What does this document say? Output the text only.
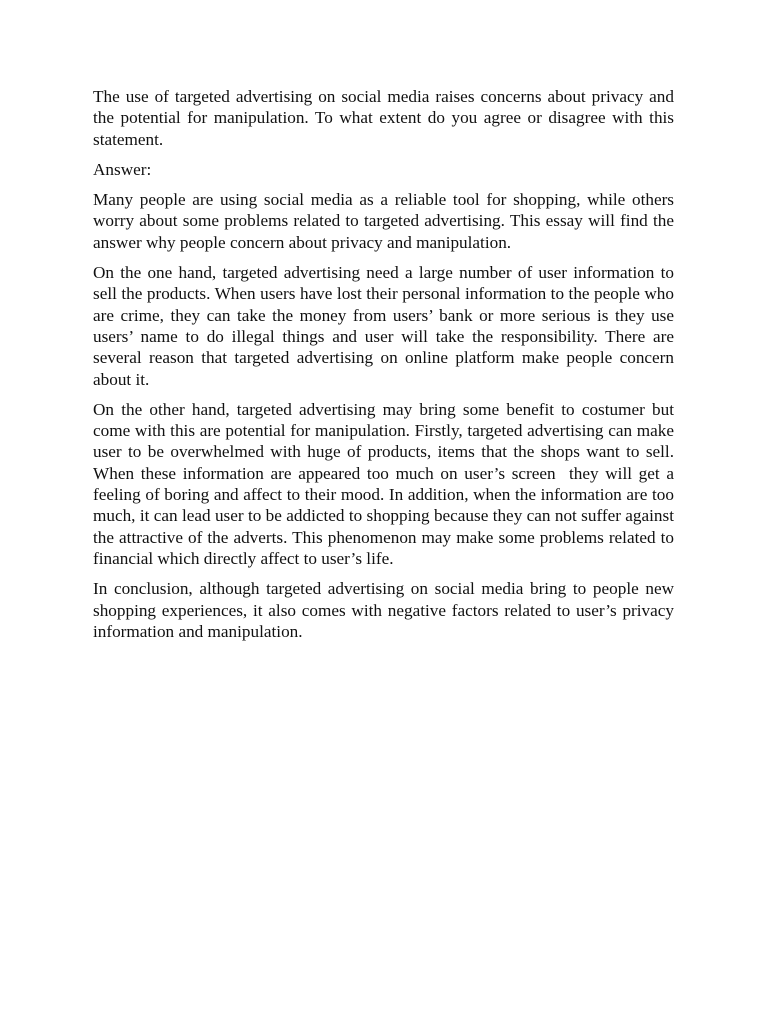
The use of targeted advertising on social media raises concerns about privacy and the potential for manipulation. To what extent do you agree or disagree with this statement.

Answer:

Many people are using social media as a reliable tool for shopping, while others worry about some problems related to targeted advertising. This essay will find the answer why people concern about privacy and manipulation.

On the one hand, targeted advertising need a large number of user information to sell the products. When users have lost their personal information to the people who are crime, they can take the money from users’ bank or more serious is they use users’ name to do illegal things and user will take the responsibility. There are several reason that targeted advertising on online platform make people concern about it.

On the other hand, targeted advertising may bring some benefit to costumer but come with this are potential for manipulation. Firstly, targeted advertising can make user to be overwhelmed with huge of products, items that the shops want to sell. When these information are appeared too much on user’s screen  they will get a feeling of boring and affect to their mood. In addition, when the information are too much, it can lead user to be addicted to shopping because they can not suffer against the attractive of the adverts. This phenomenon may make some problems related to financial which directly affect to user’s life.

In conclusion, although targeted advertising on social media bring to people new shopping experiences, it also comes with negative factors related to user’s privacy information and manipulation.
